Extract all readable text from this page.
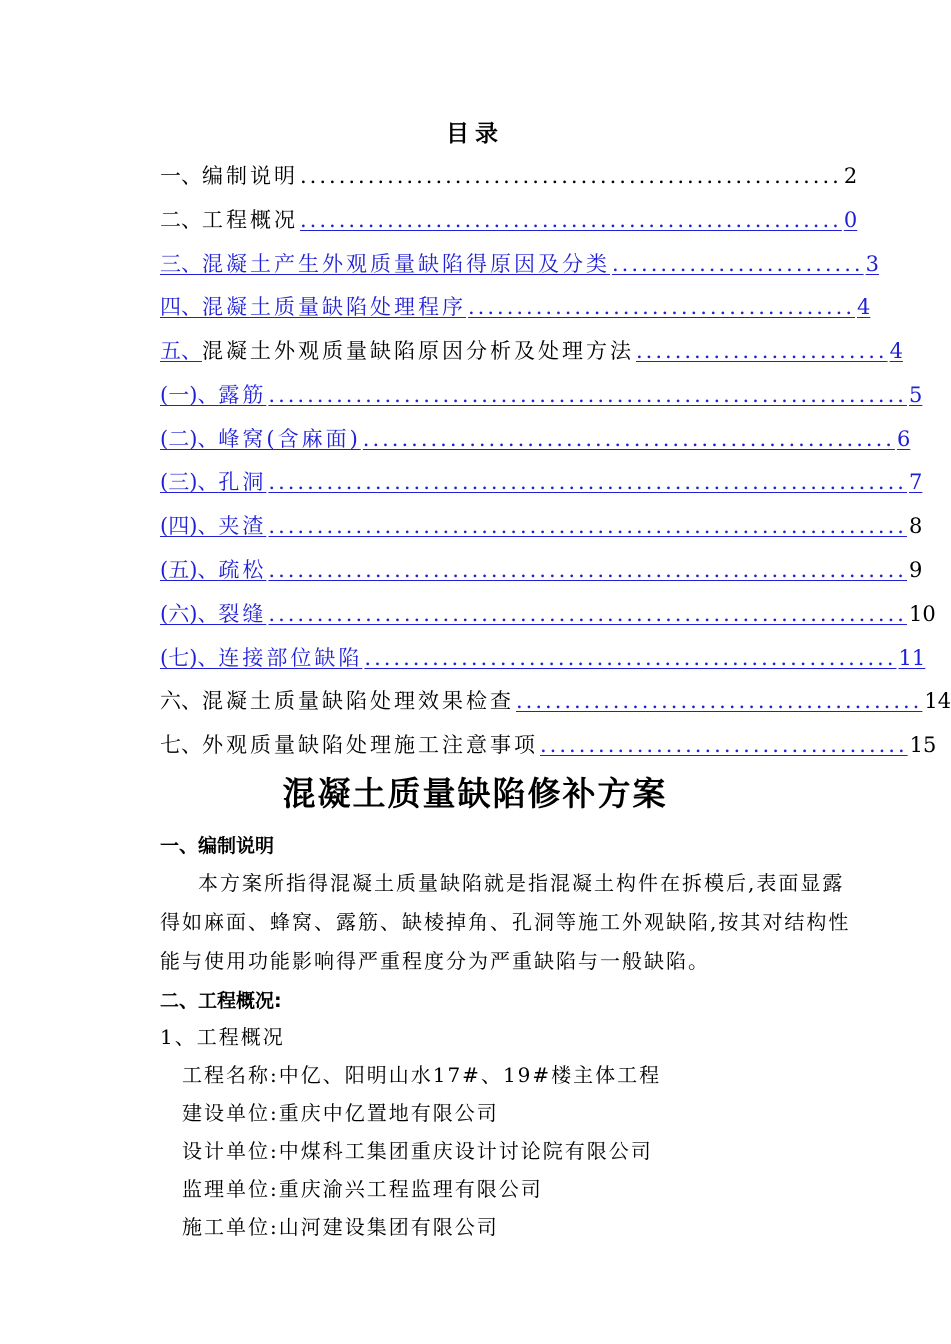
目录
一、 编制说明 ........................................................ 2
二、 工程概况 ........................................................ 0
三、 混凝土产生外观质量缺陷得原因及分类 .......................... 3
四、 混凝土质量缺陷处理程序 ........................................ 4
五、 混凝土外观质量缺陷原因分析及处理方法 .......................... 4
(一)、 露筋 .................................................................. 5
(二)、 峰窝(含麻面) ....................................................... 6
(三)、 孔洞 .................................................................. 7
(四)、 夹渣 .................................................................. 8
(五)、 疏松 .................................................................. 9
(六)、 裂缝 .................................................................. 10
(七)、 连接部位缺陷 ....................................................... 11
六、 混凝土质量缺陷处理效果检查 .......................................... 14
七、 外观质量缺陷处理施工注意事项 ...................................... 15
混凝土质量缺陷修补方案
一、编制说明
本方案所指得混凝土质量缺陷就是指混凝土构件在拆模后,表面显露得如麻面、蜂窝、露筋、缺棱掉角、孔洞等施工外观缺陷,按其对结构性能与使用功能影响得严重程度分为严重缺陷与一般缺陷。
二、工程概况:
1、工程概况
工程名称:中亿、阳明山水17#、19#楼主体工程
建设单位:重庆中亿置地有限公司
设计单位:中煤科工集团重庆设计讨论院有限公司
监理单位:重庆渝兴工程监理有限公司
施工单位:山河建设集团有限公司
